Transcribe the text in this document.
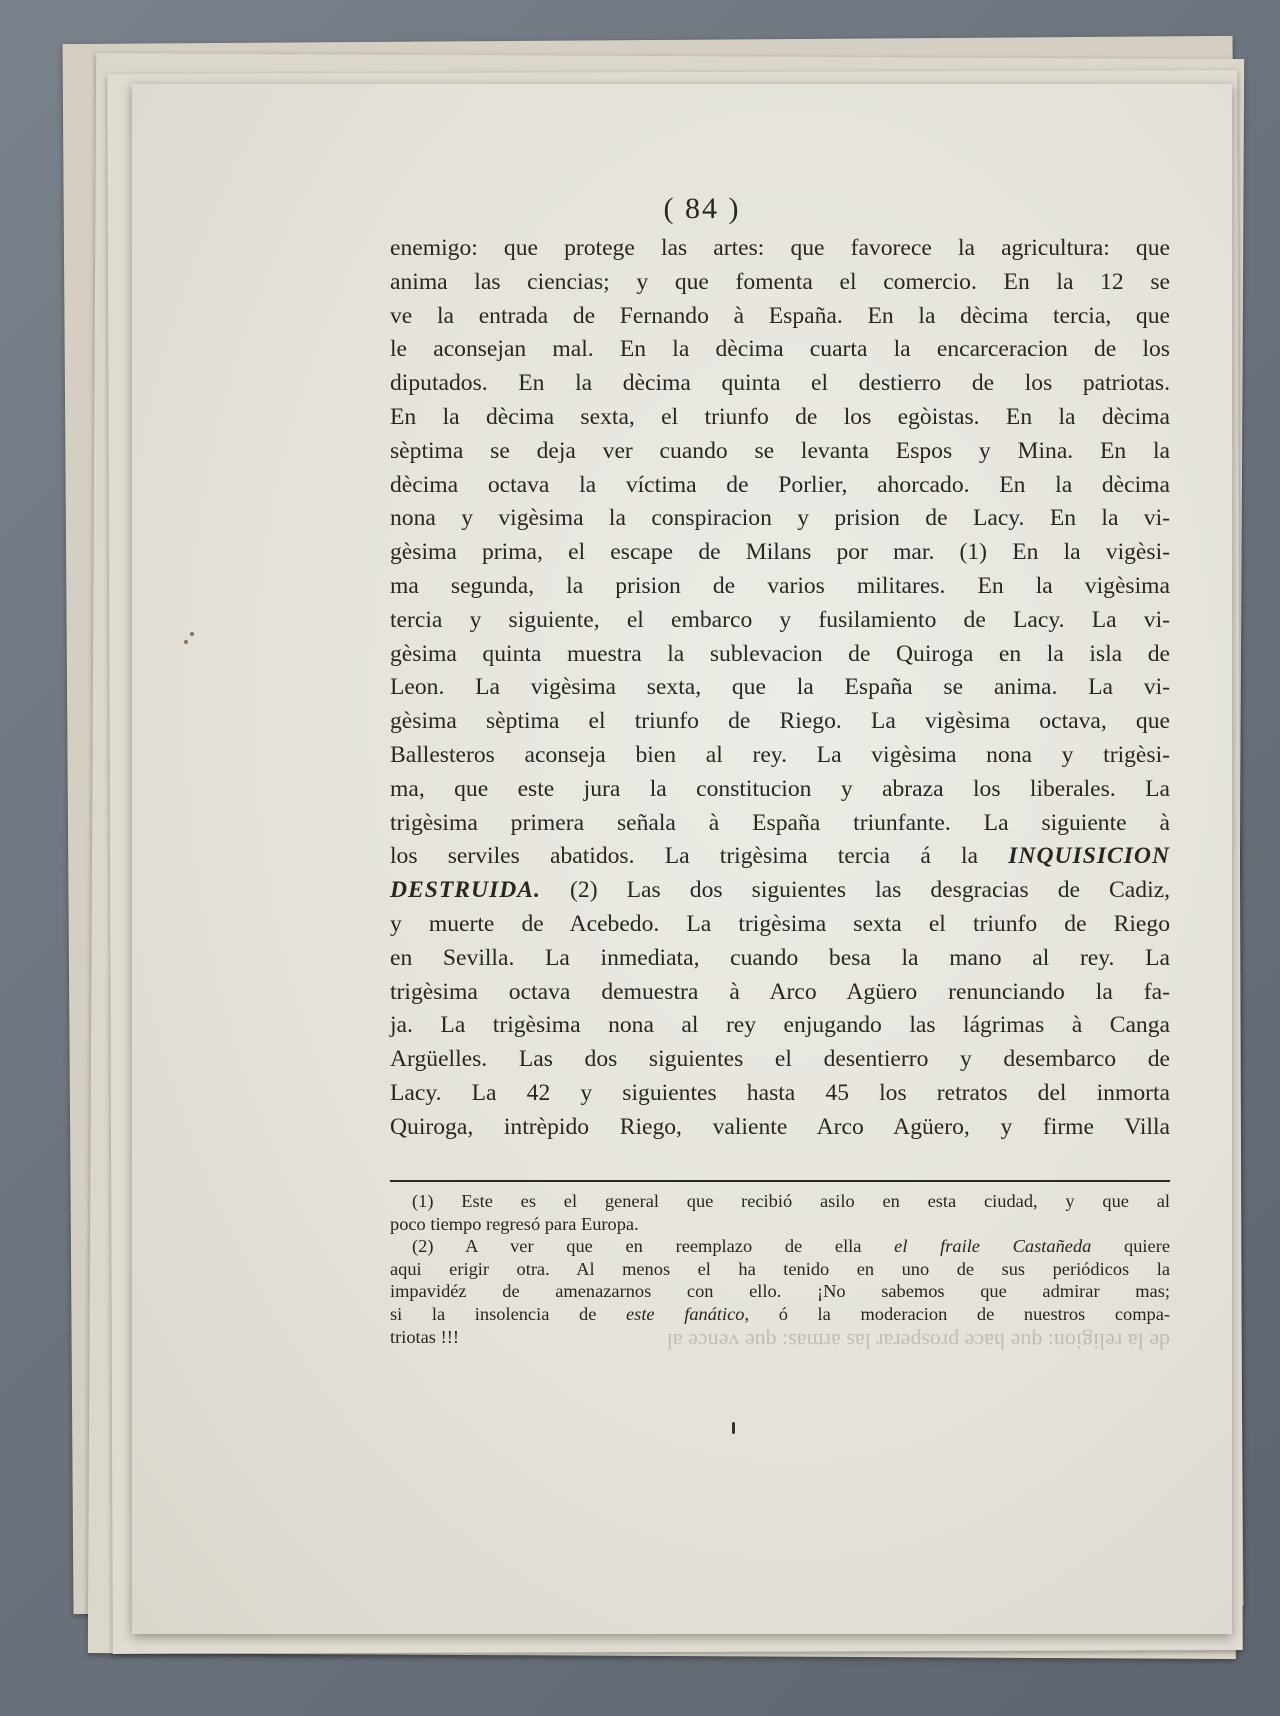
( 84 )
enemigo: que protege las artes: que favorece la agricultura: que
anima las ciencias; y que fomenta el comercio. En la 12 se
ve la entrada de Fernando à España. En la dècima tercia, que
le aconsejan mal. En la dècima cuarta la encarceracion de los
diputados. En la dècima quinta el destierro de los patriotas.
En la dècima sexta, el triunfo de los egòistas. En la dècima
sèptima se deja ver cuando se levanta Espos y Mina. En la
dècima octava la víctima de Porlier, ahorcado. En la dècima
nona y vigèsima la conspiracion y prision de Lacy. En la vi-
gèsima prima, el escape de Milans por mar. (1) En la vigèsi-
ma segunda, la prision de varios militares. En la vigèsima
tercia y siguiente, el embarco y fusilamiento de Lacy. La vi-
gèsima quinta muestra la sublevacion de Quiroga en la isla de
Leon. La vigèsima sexta, que la España se anima. La vi-
gèsima sèptima el triunfo de Riego. La vigèsima octava, que
Ballesteros aconseja bien al rey. La vigèsima nona y trigèsi-
ma, que este jura la constitucion y abraza los liberales. La
trigèsima primera señala à España triunfante. La siguiente à
los serviles abatidos. La trigèsima tercia á la INQUISICION
DESTRUIDA. (2) Las dos siguientes las desgracias de Cadiz,
y muerte de Acebedo. La trigèsima sexta el triunfo de Riego
en Sevilla. La inmediata, cuando besa la mano al rey. La
trigèsima octava demuestra à Arco Agüero renunciando la fa-
ja. La trigèsima nona al rey enjugando las lágrimas à Canga
Argüelles. Las dos siguientes el desentierro y desembarco de
Lacy. La 42 y siguientes hasta 45 los retratos del inmorta
Quiroga, intrèpido Riego, valiente Arco Agüero, y firme Villa
(1) Este es el general que recibió asilo en esta ciudad, y que al
poco tiempo regresó para Europa.
(2) A ver que en reemplazo de ella el fraile Castañeda quiere
aqui erigir otra. Al menos el ha tenido en uno de sus periódicos la
impavidéz de amenazarnos con ello. ¡No sabemos que admirar mas;
si la insolencia de este fanático, ó la moderacion de nuestros compa-
triotas !!!	de la religion: que hace prosperar las armas: que vence al
